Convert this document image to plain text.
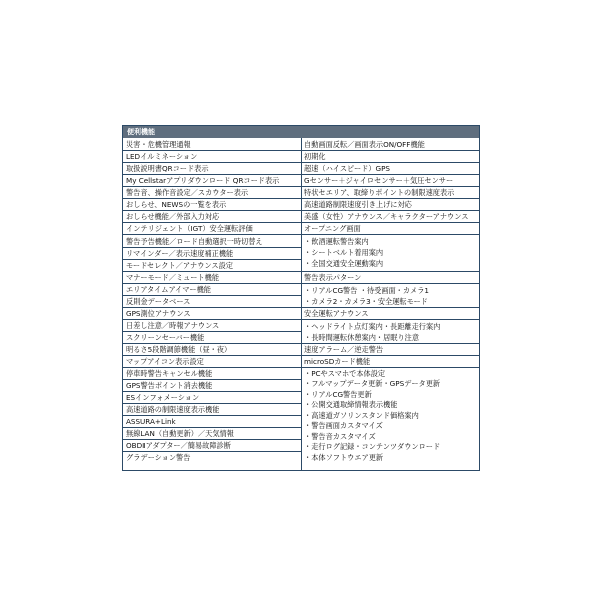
便利機能
災害・危機管理通報
LEDイルミネーション
取扱説明書QRコード表示
My Cellstarアプリダウンロード QRコード表示
警告音、操作音設定／スカウター表示
おしらせ、NEWSの一覧を表示
おしらせ機能／外部入力対応
インテリジェント（IGT）安全運転評価
警告予告機能／ロード自動選択一時切替え
リマインダー／表示速度補正機能
モードセレクト／アナウンス設定
マナーモード／ミュート機能
エリアタイムアイマー機能
反則金データベース
GPS測位アナウンス
日差し注意／時報アナウンス
スクリーンセーバー機能
明るさ5段階調節機能（昼・夜）
マップアイコン表示設定
停車時警告キャンセル機能
GPS警告ポイント消去機能
ESインフォメーション
高速道路の制限速度表示機能
ASSURA+Link
無線LAN（自動更新）／天気情報
OBDⅡアダプター／簡易故障診断
グラデーション警告
自動画面反転／画面表示ON/OFF機能
初期化
超速（ハイスピード）GPS
Gセンサー＋ジャイロセンサー＋気圧センサー
特状セエリア、取締りポイントの制限速度表示
高速道路制限速度引き上げに対応
美盛（女性）アナウンス／キャラクターアナウンス
オープニング画面
・飲酒運転警告案内
・シートベルト着用案内
・全国交通安全運動案内
警告表示パターン
・リアルCG警告 ・待受画面・カメラ1
・カメラ2・カメラ3・安全運転モード
安全運転アナウンス
・ヘッドライト点灯案内・長距離走行案内
・長時間運転休憩案内・居眠り注意
速度アラーム／逆走警告
microSDカード機能
・PCやスマホで本体設定
・フルマップデータ更新・GPSデータ更新
・リアルCG警告更新
・公開交通取締情報表示機能
・高速道ガソリンスタンド価格案内
・警告画面カスタマイズ
・警告音カスタマイズ
・走行ログ記録・コンテンツダウンロード
・本体ソフトウエア更新
